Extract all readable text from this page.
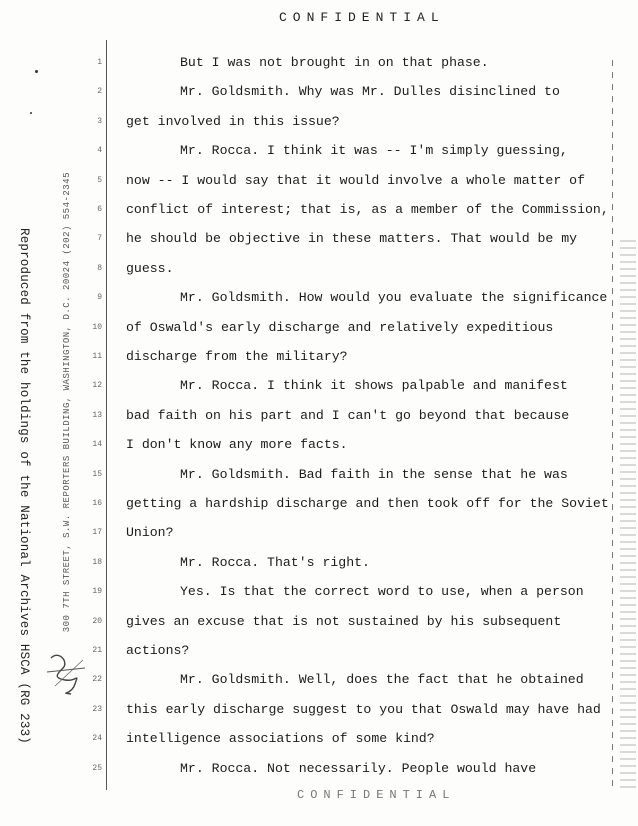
CONFIDENTIAL
Reproduced from the holdings of the National Archives HSCA (RG 233)	300 7TH STREET, S.W. REPORTERS BUILDING, WASHINGTON, D.C. 20024 (202) 554-2345
1	But I was not brought in on that phase.
2	Mr. Goldsmith. Why was Mr. Dulles disinclined to
3 get involved in this issue?
4	Mr. Rocca. I think it was -- I'm simply guessing,
5 now -- I would say that it would involve a whole matter of
6 conflict of interest; that is, as a member of the Commission,
7 he should be objective in these matters. That would be my
8 guess.
9	Mr. Goldsmith. How would you evaluate the significance
10 of Oswald's early discharge and relatively expeditious
11 discharge from the military?
12	Mr. Rocca. I think it shows palpable and manifest
13 bad faith on his part and I can't go beyond that because
14 I don't know any more facts.
15	Mr. Goldsmith. Bad faith in the sense that he was
16 getting a hardship discharge and then took off for the Soviet
17 Union?
18	Mr. Rocca. That's right.
19	Yes. Is that the correct word to use, when a person
20 gives an excuse that is not sustained by his subsequent
21 actions?
22	Mr. Goldsmith. Well, does the fact that he obtained
23 this early discharge suggest to you that Oswald may have had
24 intelligence associations of some kind?
25	Mr. Rocca. Not necessarily. People would have
CONFIDENTIAL
